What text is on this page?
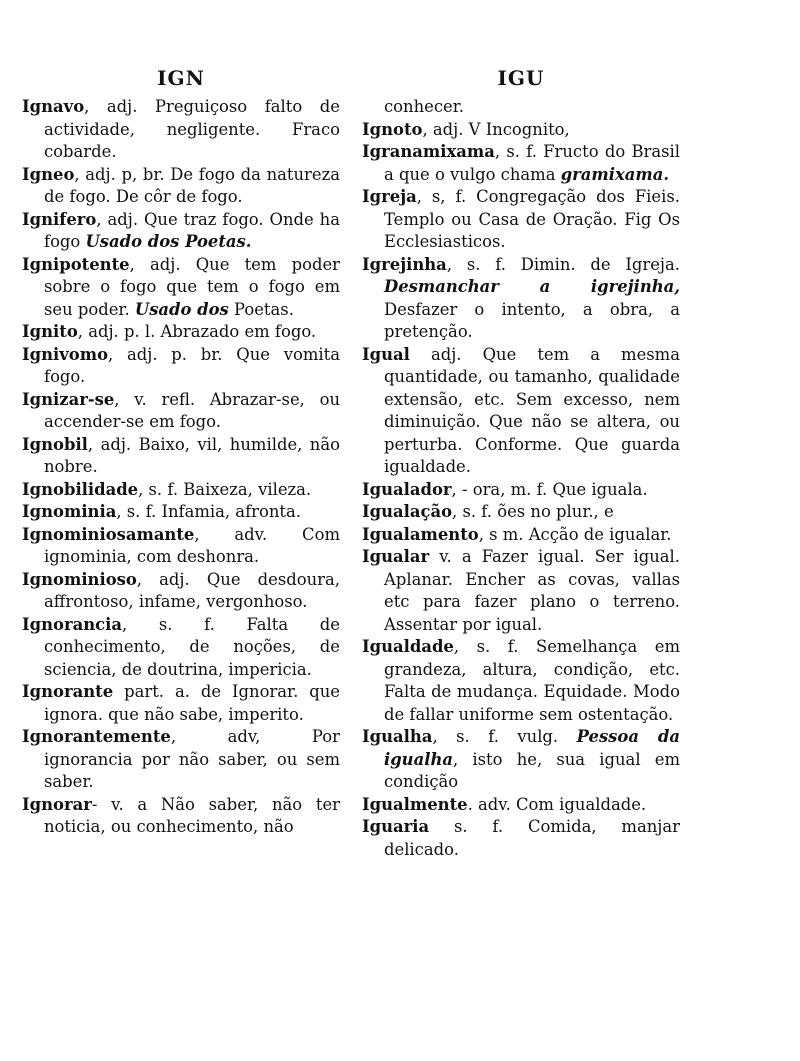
IGN

Ignavo, adj. Preguiçoso falto de actividade, negligente. Fraco cobarde.

Igneo, adj. p, br. De fogo da natureza de fogo. De côr de fogo.

Ignifero, adj. Que traz fogo. Onde ha fogo Usado dos Poetas.

Ignipotente, adj. Que tem poder sobre o fogo que tem o fogo em seu poder. Usado dos Poetas.

Ignito, adj. p. l. Abrazado em fogo.

Ignivomo, adj. p. br. Que vomita fogo.

Ignizar-se, v. refl. Abrazar-se, ou accender-se em fogo.

Ignobil, adj. Baixo, vil, humilde, não nobre.

Ignobilidade, s. f. Baixeza, vileza.

Ignominia, s. f. Infamia, afronta.

Ignominiosamante, adv. Com ignominia, com deshonra.

Ignominioso, adj. Que desdoura, affrontoso, infame, vergonhoso.

Ignorancia, s. f. Falta de conhecimento, de noções, de sciencia, de doutrina, impericia.

Ignorante part. a. de Ignorar. que ignora. que não sabe, imperito.

Ignorantemente, adv, Por ignorancia por não saber, ou sem saber.

Ignorar- v. a Não saber, não ter noticia, ou conhecimento, não

IGU
conhecer.

Ignoto, adj. V Incognito,

Igranamixama, s. f. Fructo do Brasil a que o vulgo chama gramixama.

Igreja, s, f. Congregação dos Fieis. Templo ou Casa de Oração. Fig Os Ecclesiasticos.

Igrejinha, s. f. Dimin. de Igreja. Desmanchar a igrejinha, Desfazer o intento, a obra, a pretenção.

Igual adj. Que tem a mesma quantidade, ou tamanho, qualidade extensão, etc. Sem excesso, nem diminuição. Que não se altera, ou perturba. Conforme. Que guarda igualdade.

Igualador, - ora, m. f. Que iguala.

Igualação, s. f. ões no plur., e

Igualamento, s m. Acção de igualar.

Igualar v. a Fazer igual. Ser igual. Aplanar. Encher as covas, vallas etc para fazer plano o terreno. Assentar por igual.

Igualdade, s. f. Semelhança em grandeza, altura, condição, etc. Falta de mudança. Equidade. Modo de fallar uniforme sem ostentação.

Igualha, s. f. vulg. Pessoa da igualha, isto he, sua igual em condição

Igualmente. adv. Com igualdade.

Iguaria s. f. Comida, manjar delicado.
